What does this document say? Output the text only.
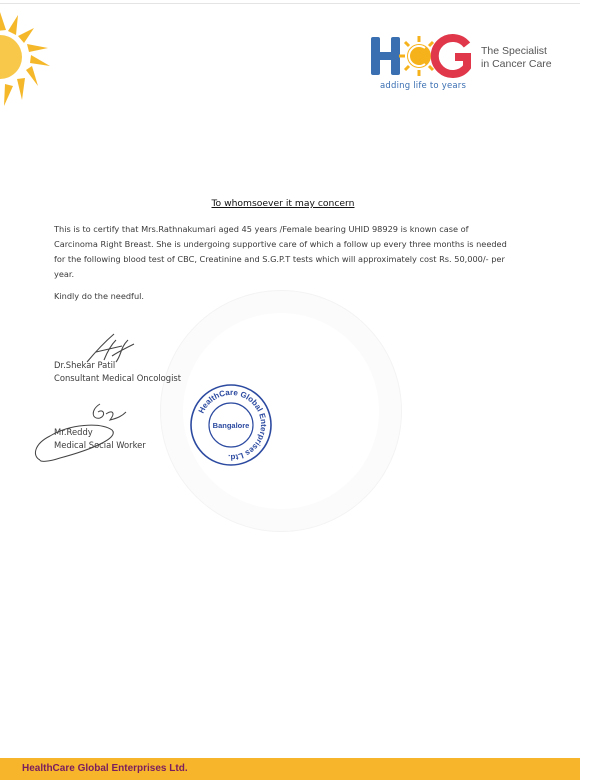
adding life to years
The Specialist
in Cancer Care
To whomsoever it may concern

This is to certify that Mrs.Rathnakumari aged 45 years /Female bearing UHID 98929 is known case of Carcinoma Right Breast. She is undergoing supportive care of which a follow up every three months is needed for the following blood test of CBC, Creatinine and S.G.P.T tests which will approximately cost Rs. 50,000/- per year.

Kindly do the needful.

Dr.Shekar Patil
Consultant Medical Oncologist
Mr.Reddy
Medical Social Worker
HealthCare Global Enterprises Ltd.
Bangalore
HealthCare Global Enterprises Ltd.
